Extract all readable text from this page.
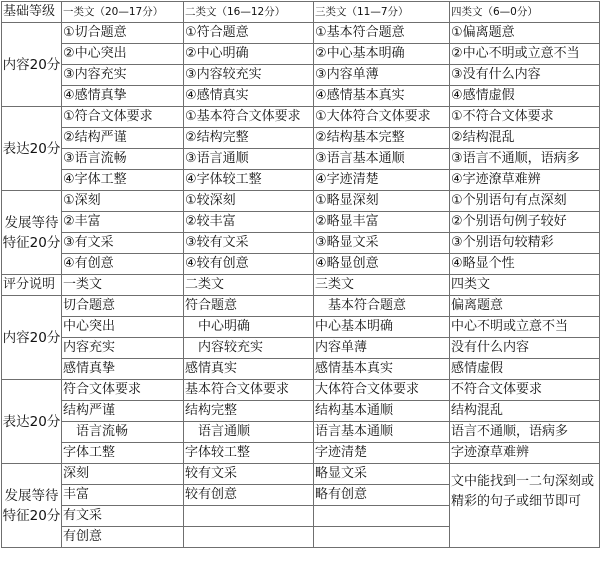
基础等级	一类文（20—17分）	二类文（16—12分）	三类文（11—7分）	四类文（6—0分）
内容20分	①切合题意	①符合题意	①基本符合题意	①偏离题意
	②中心突出	②中心明确	②中心基本明确	②中心不明或立意不当
	③内容充实	③内容较充实	③内容单薄	③没有什么内容
	④感情真挚	④感情真实	④感情基本真实	④感情虚假
表达20分	①符合文体要求	①基本符合文体要求	①大体符合文体要求	①不符合文体要求
	②结构严谨	②结构完整	②结构基本完整	②结构混乱
	③语言流畅	③语言通顺	③语言基本通顺	③语言不通顺，语病多
	④字体工整	④字体较工整	④字迹清楚	④字迹潦草难辨
发展等待特征20分	①深刻	①较深刻	①略显深刻	①个别语句有点深刻
	②丰富	②较丰富	②略显丰富	②个别语句例子较好
	③有文采	③较有文采	③略显文采	③个别语句较精彩
	④有创意	④较有创意	④略显创意	④略显个性
评分说明	一类文	二类文	三类文	四类文
内容20分	切合题意	符合题意	基本符合题意	偏离题意
	中心突出	中心明确	中心基本明确	中心不明或立意不当
	内容充实	内容较充实	内容单薄	没有什么内容
	感情真挚	感情真实	感情基本真实	感情虚假
表达20分	符合文体要求	基本符合文体要求	大体符合文体要求	不符合文体要求
	结构严谨	结构完整	结构基本通顺	结构混乱
	语言流畅	语言通顺	语言基本通顺	语言不通顺，语病多
	字体工整	字体较工整	字迹清楚	字迹潦草难辨
发展等待特征20分	深刻	较有文采	略显文采	文中能找到一二句深刻或精彩的句子或细节即可
	丰富	较有创意	略有创意	
	有文采			
	有创意			
